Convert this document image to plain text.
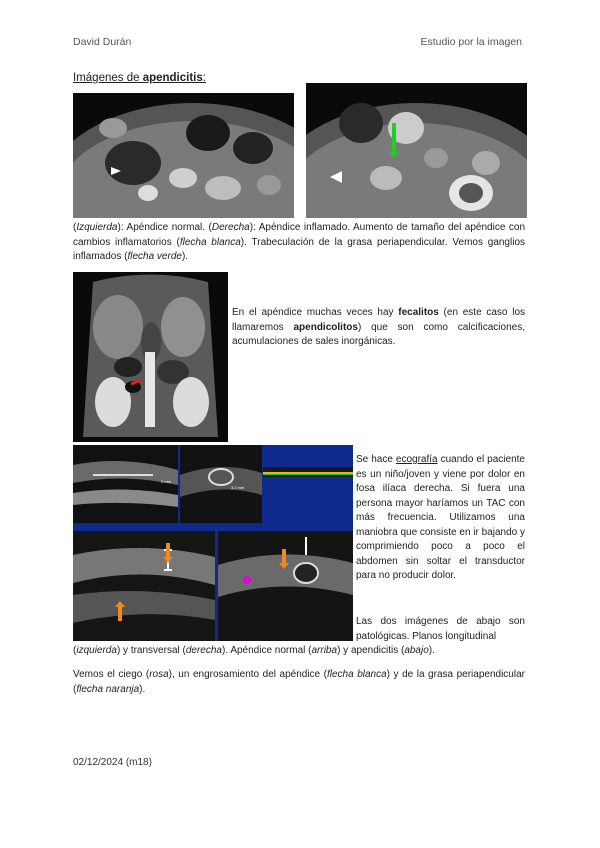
David Durán	Estudio por la imagen
Imágenes de apendicitis:
(Izquierda): Apéndice normal. (Derecha): Apéndice inflamado. Aumento de tamaño del apéndice con cambios inflamatorios (flecha blanca). Trabeculación de la grasa periapendicular. Vemos ganglios inflamados (flecha verde).
En el apéndice muchas veces hay fecalitos (en este caso los llamaremos apendicolitos) que son como calcificaciones, acumulaciones de sales inorgánicas.
2 mm
3,2 mm
Se hace ecografía cuando el paciente es un niño/joven y viene por dolor en fosa ilíaca derecha. Si fuera una persona mayor haríamos un TAC con más frecuencia. Utilizamos una maniobra que consiste en ir bajando y comprimiendo poco a poco el abdomen sin soltar el transductor para no producir dolor.
Las dos imágenes de abajo son patológicas. Planos longitudinal
(izquierda) y transversal (derecha). Apéndice normal (arriba) y apendicitis (abajo).
Vemos el ciego (rosa), un engrosamiento del apéndice (flecha blanca) y de la grasa periapendicular (flecha naranja).
02/12/2024 (m18)
